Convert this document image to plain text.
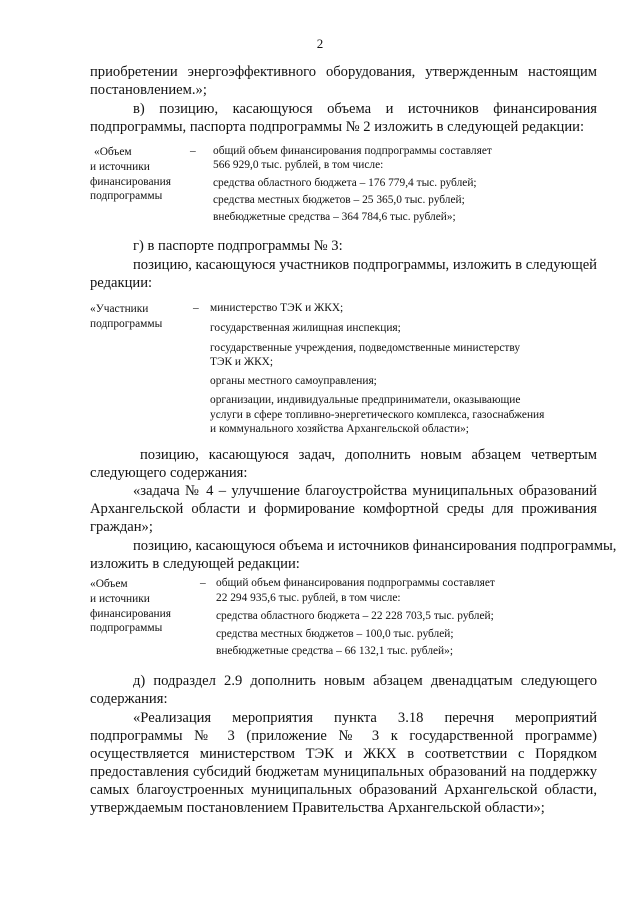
2
приобретении энергоэффективного оборудования, утвержденным настоящим
постановлением.»;
в) позицию, касающуюся объема и источников финансирования
подпрограммы, паспорта подпрограммы № 2 изложить в следующей редакции:
«Объем
и источники
финансирования
подпрограммы
– общий объем финансирования подпрограммы составляет
566 929,0 тыс. рублей, в том числе:
средства областного бюджета – 176 779,4 тыс. рублей;
средства местных бюджетов – 25 365,0 тыс. рублей;
внебюджетные средства – 364 784,6 тыс. рублей»;
г) в паспорте подпрограммы № 3:
позицию, касающуюся участников подпрограммы, изложить в следующей
редакции:
«Участники
подпрограммы
– министерство ТЭК и ЖКХ;
государственная жилищная инспекция;
государственные учреждения, подведомственные министерству
ТЭК и ЖКХ;
органы местного самоуправления;
организации, индивидуальные предприниматели, оказывающие
услуги в сфере топливно-энергетического комплекса, газоснабжения
и коммунального хозяйства Архангельской области»;
позицию, касающуюся задач, дополнить новым абзацем четвертым
следующего содержания:
«задача № 4 – улучшение благоустройства муниципальных образований
Архангельской области и формирование комфортной среды для проживания
граждан»;
позицию, касающуюся объема и источников финансирования подпрограммы,
изложить в следующей редакции:
«Объем
и источники
финансирования
подпрограммы
– общий объем финансирования подпрограммы составляет
22 294 935,6 тыс. рублей, в том числе:
средства областного бюджета – 22 228 703,5 тыс. рублей;
средства местных бюджетов – 100,0 тыс. рублей;
внебюджетные средства – 66 132,1 тыс. рублей»;
д) подраздел 2.9 дополнить новым абзацем двенадцатым следующего
содержания:
«Реализация мероприятия пункта 3.18 перечня мероприятий
подпрограммы № 3 (приложение № 3 к государственной программе)
осуществляется министерством ТЭК и ЖКХ в соответствии с Порядком
предоставления субсидий бюджетам муниципальных образований на поддержку
самых благоустроенных муниципальных образований Архангельской области,
утверждаемым постановлением Правительства Архангельской области»;
